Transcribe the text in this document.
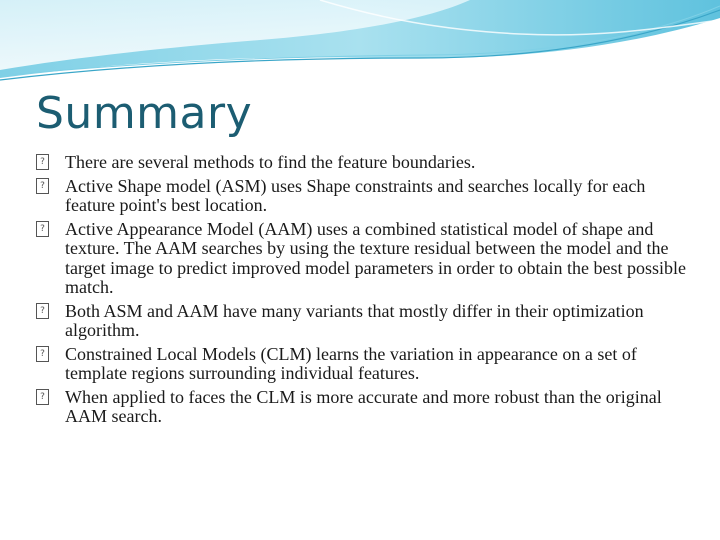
Summary
? There are several methods to find the feature boundaries.
? Active Shape model (ASM) uses Shape constraints and searches locally for each feature point's best location.
? Active Appearance Model (AAM) uses a combined statistical model of shape and texture. The AAM searches by using the texture residual between the model and the target image to predict improved model parameters in order to obtain the best possible match.
? Both ASM and AAM have many variants that mostly differ in their optimization algorithm.
? Constrained Local Models (CLM) learns the variation in appearance on a set of template regions surrounding individual features.
? When applied to faces the CLM is more accurate and more robust than the original AAM search.
